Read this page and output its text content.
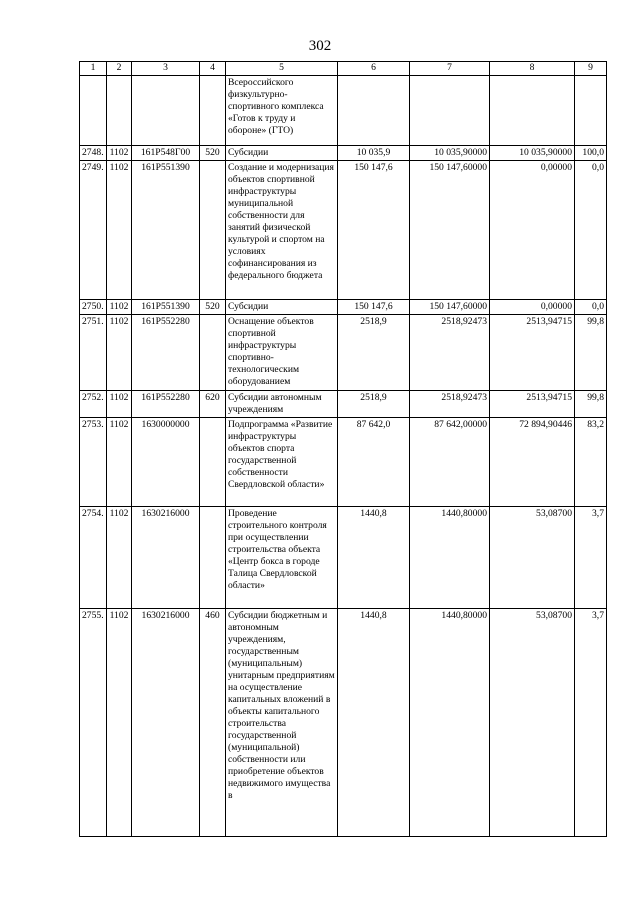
302
1	2	3	4	5	6	7	8	9
				Всероссийского физкультурно-спортивного комплекса «Готов к труду и обороне» (ГТО)				
2748.	1102	161P548Г00	520	Субсидии	10 035,9	10 035,90000	10 035,90000	100,0
2749.	1102	161P551390		Создание и модернизация объектов спортивной инфраструктуры муниципальной собственности для занятий физической культурой и спортом на условиях софинансирования из федерального бюджета	150 147,6	150 147,60000	0,00000	0,0
2750.	1102	161P551390	520	Субсидии	150 147,6	150 147,60000	0,00000	0,0
2751.	1102	161P552280		Оснащение объектов спортивной инфраструктуры спортивно-технологическим оборудованием	2518,9	2518,92473	2513,94715	99,8
2752.	1102	161P552280	620	Субсидии автономным учреждениям	2518,9	2518,92473	2513,94715	99,8
2753.	1102	1630000000		Подпрограмма «Развитие инфраструктуры объектов спорта государственной собственности Свердловской области»	87 642,0	87 642,00000	72 894,90446	83,2
2754.	1102	1630216000		Проведение строительного контроля при осуществлении строительства объекта «Центр бокса в городе Талица Свердловской области»	1440,8	1440,80000	53,08700	3,7
2755.	1102	1630216000	460	Субсидии бюджетным и автономным учреждениям, государственным (муниципальным) унитарным предприятиям на осуществление капитальных вложений в объекты капитального строительства государственной (муниципальной) собственности или приобретение объектов недвижимого имущества в	1440,8	1440,80000	53,08700	3,7
